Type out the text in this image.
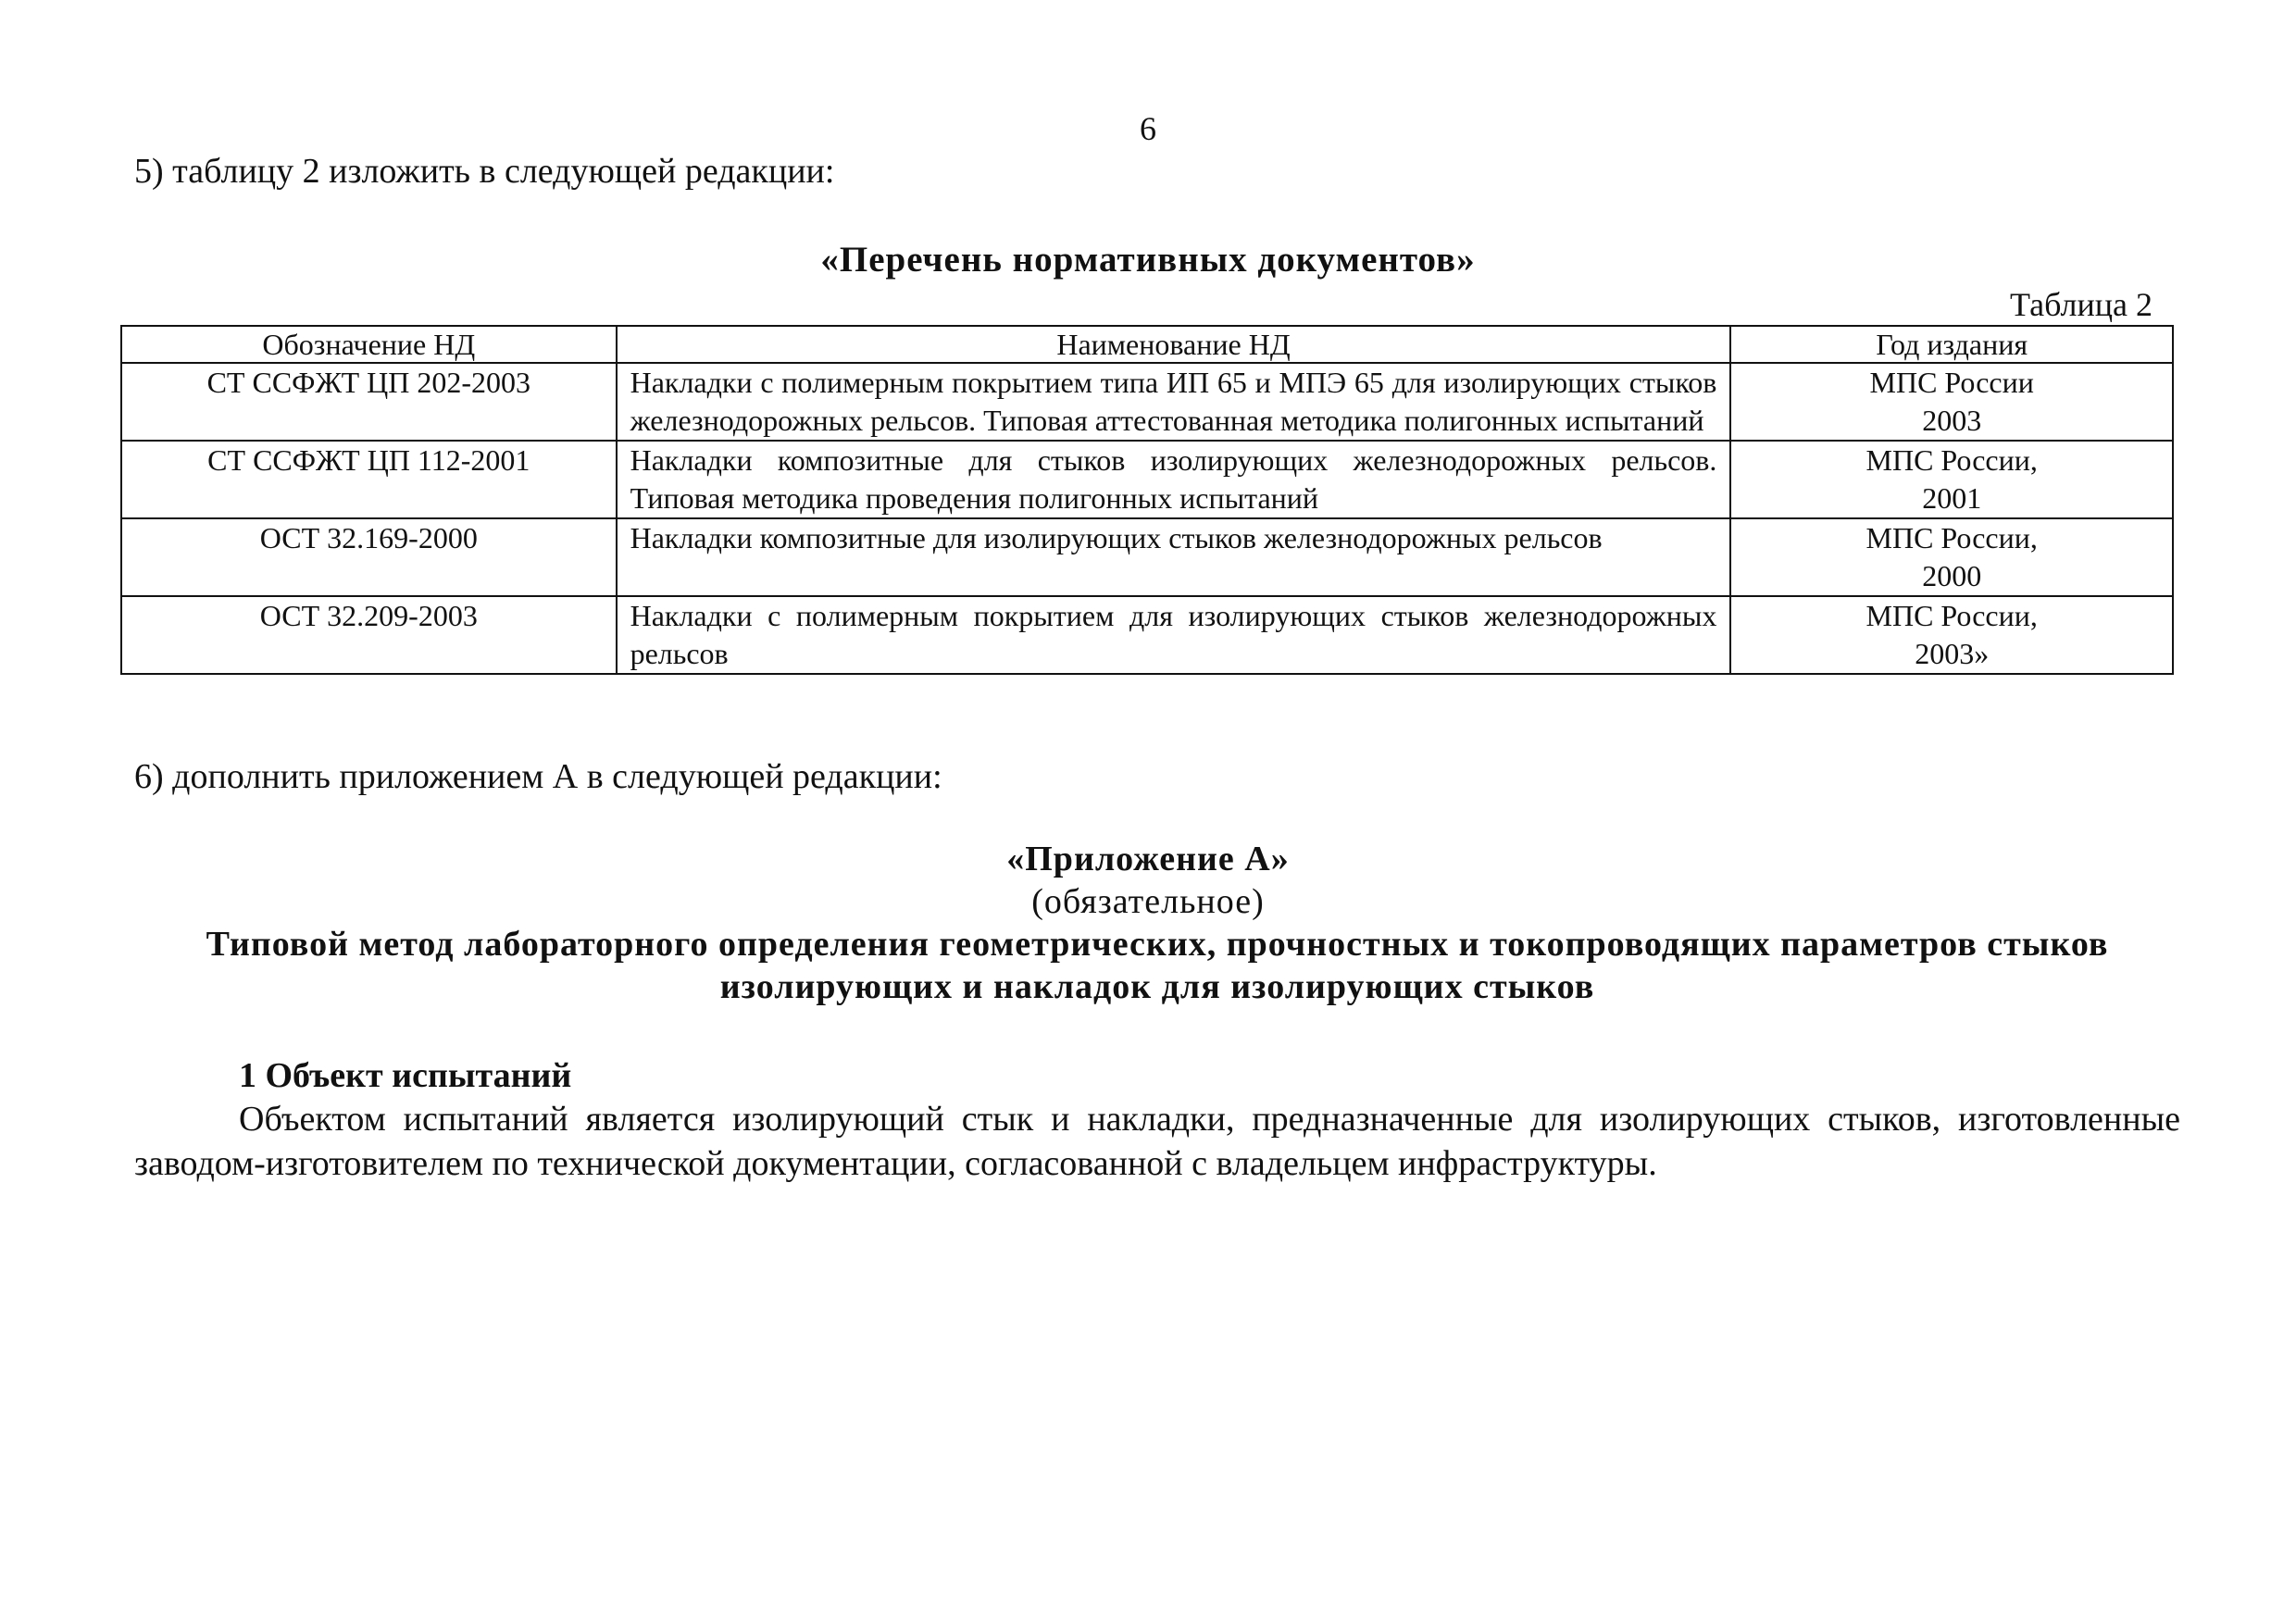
6
5) таблицу 2 изложить в следующей редакции:
«Перечень нормативных документов»
Таблица 2
Обозначение НД	Наименование НД	Год издания
СТ ССФЖТ ЦП 202-2003	Накладки с полимерным покрытием типа ИП 65 и МПЭ 65 для изолирующих стыков железнодорожных рельсов. Типовая аттестованная методика полигонных испытаний	МПС России
2003
СТ ССФЖТ ЦП 112-2001	Накладки композитные для стыков изолирующих железнодорожных рельсов. Типовая методика проведения полигонных испытаний	МПС России,
2001
ОСТ 32.169-2000	Накладки композитные для изолирующих стыков железнодорожных рельсов	МПС России,
2000
ОСТ 32.209-2003	Накладки с полимерным покрытием для изолирующих стыков железнодорожных рельсов	МПС России,
2003»
6) дополнить приложением А в следующей редакции:
«Приложение А»
(обязательное)
Типовой метод лабораторного определения геометрических, прочностных и токопроводящих параметров стыков изолирующих и накладок для изолирующих стыков
1 Объект испытаний
Объектом испытаний является изолирующий стык и накладки, предназначенные для изолирующих стыков, изготовленные заводом-изготовителем по технической документации, согласованной с владельцем инфраструктуры.
